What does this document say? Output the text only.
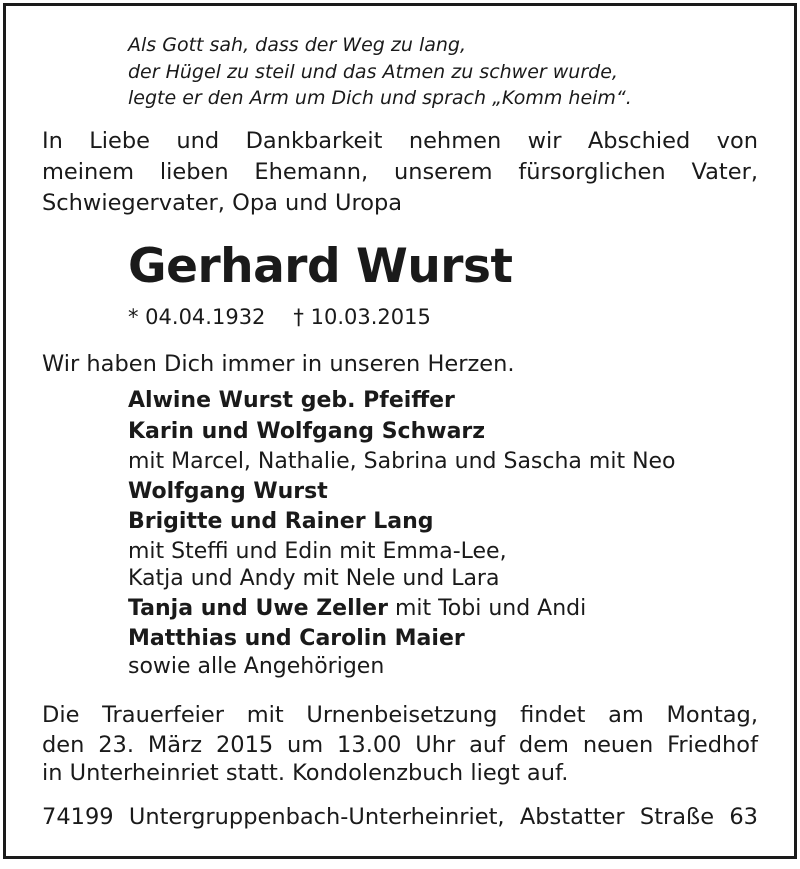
Als Gott sah, dass der Weg zu lang,

der Hügel zu steil und das Atmen zu schwer wurde,

legte er den Arm um Dich und sprach „Komm heim“.

In Liebe und Dankbarkeit nehmen wir Abschied von

meinem lieben Ehemann, unserem fürsorglichen Vater,

Schwiegervater, Opa und Uropa

Gerhard Wurst

* 04.04.1932 † 10.03.2015

Wir haben Dich immer in unseren Herzen.

Alwine Wurst geb. Pfeiffer

Karin und Wolfgang Schwarz

mit Marcel, Nathalie, Sabrina und Sascha mit Neo

Wolfgang Wurst

Brigitte und Rainer Lang

mit Steffi und Edin mit Emma-Lee,

Katja und Andy mit Nele und Lara

Tanja und Uwe Zeller mit Tobi und Andi

Matthias und Carolin Maier

sowie alle Angehörigen

Die Trauerfeier mit Urnenbeisetzung findet am Montag,

den 23. März 2015 um 13.00 Uhr auf dem neuen Friedhof

in Unterheinriet statt. Kondolenzbuch liegt auf.

74199 Untergruppenbach-Unterheinriet, Abstatter Straße 63
